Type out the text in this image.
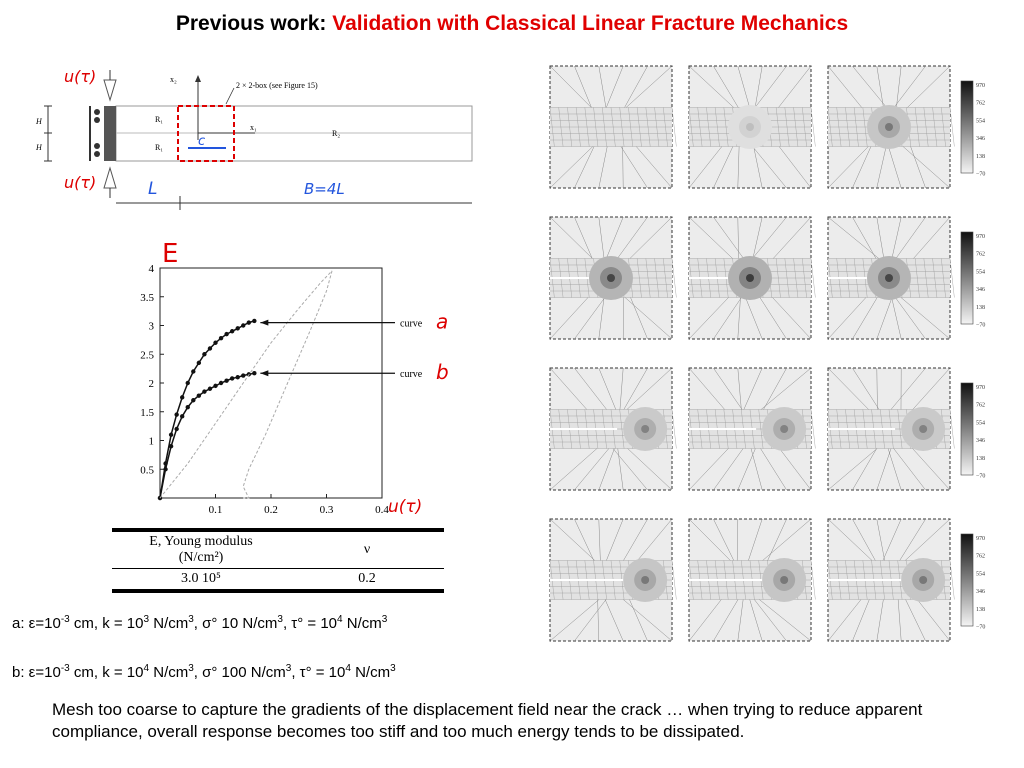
Previous work: Validation with Classical Linear Fracture Mechanics
H
H
x₂
x₁
2 × 2-box (see Figure 15)
R₁
R₁
R₂
c
u(τ)
u(τ)	L	B=4L
0.5
1
1.5
2
2.5
3
3.5
4
0.1	0.2	0.3	0.4
curve a
curve b
E
u(τ)
E, Young modulus
(N/cm²)	ν
3.0 10⁵	0.2
a: $\varepsilon=10^{-3}$ cm, $k = 10^3$ $N/cm^3$, σ° 10 $N/cm^3$, $\tau^\circ = 10^4$ $N/cm^3$
b: $\varepsilon=10^{-3}$ cm, $k = 10^4$ $N/cm^3$, σ° 100 $N/cm^3$, $\tau^\circ = 10^4$ $N/cm^3$
Mesh too coarse to capture the gradients of the displacement field near the crack … when trying to reduce apparent compliance, overall response becomes too stiff and too much energy tends to be dissipated.
970
762
554
346
138
−70
970
762
554
346
138
−70
970
762
554
346
138
−70
970
762
554
346
138
−70
